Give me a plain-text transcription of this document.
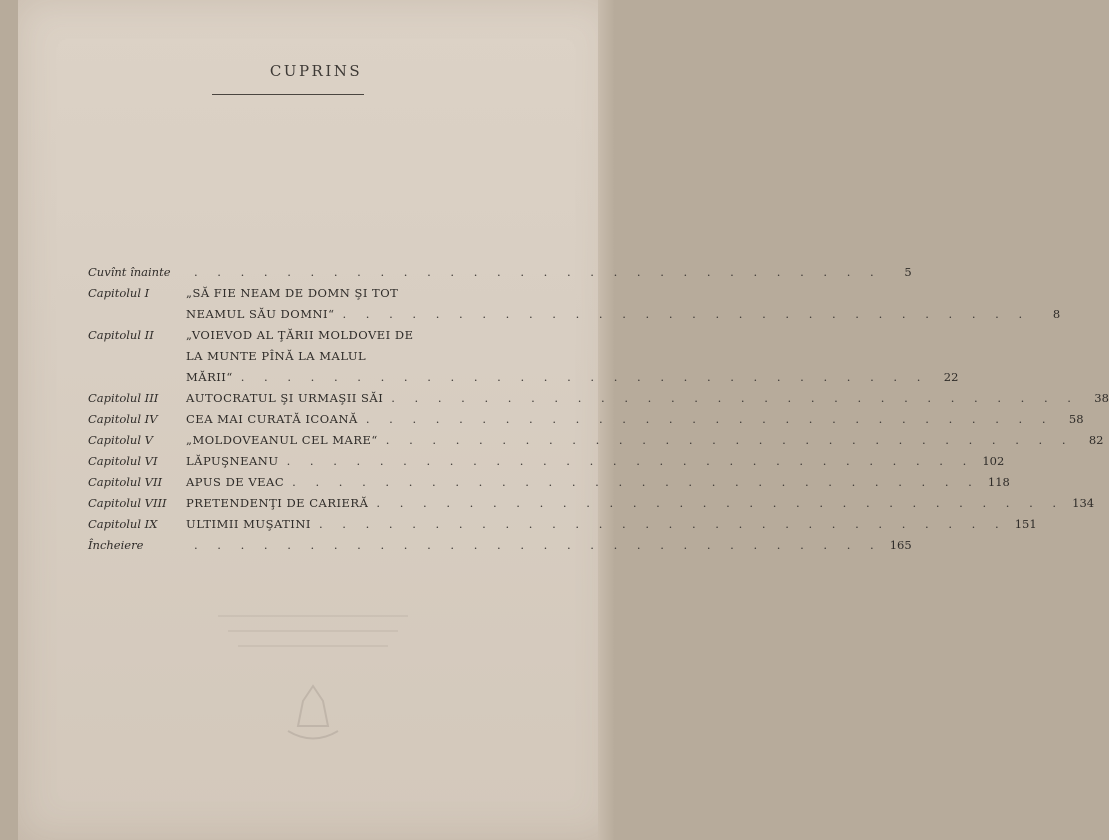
CUPRINS
Cuvînt înainte	. . . . . . . . . . . . . . . . . . . . . . . . . . . . . .	5
Capitolul I	„SĂ FIE NEAM DE DOMN ŞI TOT
NEAMUL SĂU DOMNI“ . . . . . . . . . . . . . . . . . . . . . . . . . . . . . .	8
Capitolul II	„VOIEVOD AL ŢĂRII MOLDOVEI DE
LA MUNTE PÎNĂ LA MALUL
MĂRII“ . . . . . . . . . . . . . . . . . . . . . . . . . . . . . .	22
Capitolul III	AUTOCRATUL ŞI URMAŞII SĂI . . . . . . . . . . . . . . . . . . . . . . . . . . . . . .	38
Capitolul IV	CEA MAI CURATĂ ICOANĂ . . . . . . . . . . . . . . . . . . . . . . . . . . . . . .	58
Capitolul V	„MOLDOVEANUL CEL MARE“ . . . . . . . . . . . . . . . . . . . . . . . . . . . . . .	82
Capitolul VI	LĂPUŞNEANU . . . . . . . . . . . . . . . . . . . . . . . . . . . . . . 102
Capitolul VII	APUS DE VEAC . . . . . . . . . . . . . . . . . . . . . . . . . . . . . . 118
Capitolul VIII	PRETENDENŢI DE CARIERĂ . . . . . . . . . . . . . . . . . . . . . . . . . . . . . . 134
Capitolul IX	ULTIMII MUŞATINI . . . . . . . . . . . . . . . . . . . . . . . . . . . . . . 151
Încheiere	. . . . . . . . . . . . . . . . . . . . . . . . . . . . . . 165
